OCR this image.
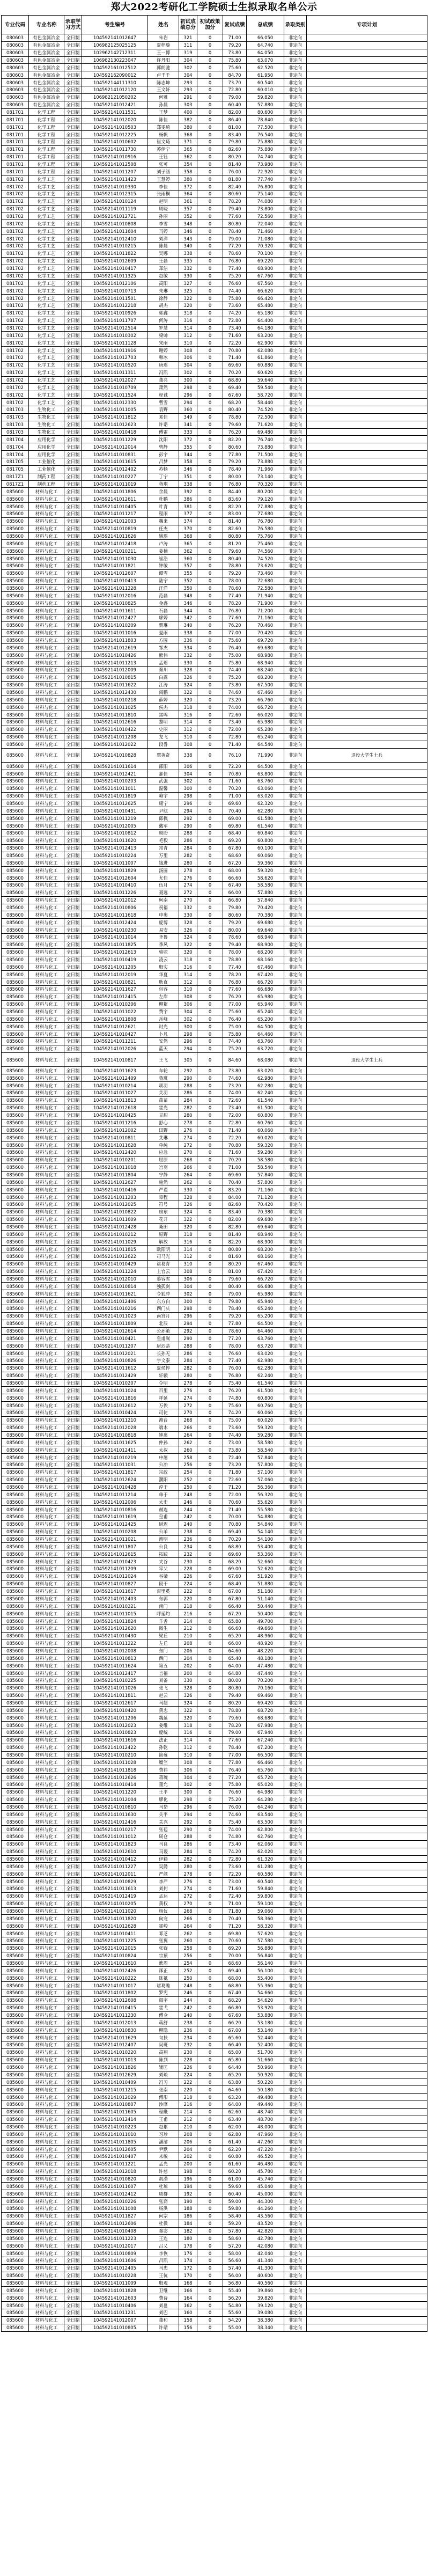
郑大2022考研化工学院硕士生拟录取名单公示
专业代码	专业名称	录取学习方式	考生编号	姓名	初试成绩总分	初试政策加分	复试成绩	总成绩	录取类别	专项计划
080603	有色金属冶金	全日制	104592141012647	朱岩	321	0	71.00	66.050	非定向	
080603	有色金属冶金	全日制	106982125025125	夏梓璇	311	0	79.20	64.740	非定向	
080603	有色金属冶金	全日制	102962142712311	王一博	319	0	73.80	64.050	非定向	
080603	有色金属冶金	全日制	106982130223047	许丹阳	304	0	75.80	63.070	非定向	
080603	有色金属冶金	全日制	104592161012512	郭朗驰	302	0	75.60	62.520	非定向	
080603	有色金属冶金	全日制	104592162090012	卢千千	304	0	84.70	61.950	非定向	
080603	有色金属冶金	全日制	104592144111310	陈志坤	293	0	73.70	60.540	非定向	
080603	有色金属冶金	全日制	104592141012120	王文轩	293	0	72.80	60.010	非定向	
080603	有色金属冶金	全日制	106982121050202	何雅	291	0	79.00	59.820	非定向	
080603	有色金属冶金	全日制	104592141012421	孙晨	303	0	60.40	57.880	非定向	
081701	化学工程	全日制	104592141011531	王梦	400	0	82.00	80.600	非定向	
081701	化学工程	全日制	104592141012020	陈佳	382	0	86.40	78.840	非定向	
081701	化学工程	全日制	104592141010503	郑雯琦	380	0	81.00	77.500	非定向	
081701	化学工程	全日制	104592141012225	杨帆	368	0	83.40	76.540	非定向	
081701	化学工程	全日制	104592141010602	崔文琦	371	0	79.80	75.880	非定向	
081701	化学工程	全日制	104592141011730	苏伊宁	365	0	82.60	75.880	非定向	
081701	化学工程	全日制	104592141010916	王钰	362	0	80.20	74.740	非定向	
081701	化学工程	全日制	104592141012508	张可	354	0	81.40	73.980	非定向	
081701	化学工程	全日制	104592141011207	刘子涵	358	0	76.00	72.920	非定向	
081702	化学工艺	全日制	104592141011423	王慧婷	380	0	81.80	77.740	非定向	
081702	化学工艺	全日制	104592141010330	李佳	372	0	82.40	76.800	非定向	
081702	化学工艺	全日制	104592141012315	张雨桐	364	0	80.60	75.140	非定向	
081702	化学工艺	全日制	104592141010124	赵明	361	0	78.20	74.080	非定向	
081702	化学工艺	全日制	104592141011119	周晓	357	0	79.40	73.800	非定向	
081702	化学工艺	全日制	104592141012721	孙丽	352	0	77.60	72.560	非定向	
081702	化学工艺	全日制	104592141010808	李雪	348	0	80.80	72.040	非定向	
081702	化学工艺	全日制	104592141011604	马婷	346	0	78.40	71.460	非定向	
081702	化学工艺	全日制	104592141012410	刘洋	343	0	79.00	71.080	非定向	
081702	化学工艺	全日制	104592141010215	陈晨	340	0	77.20	70.320	非定向	
081702	化学工艺	全日制	104592141011822	吴娜	338	0	78.60	70.100	非定向	
081702	化学工艺	全日制	104592141012609	王磊	335	0	76.80	69.220	非定向	
081702	化学工艺	全日制	104592141010417	郑洁	332	0	77.40	68.900	非定向	
081702	化学工艺	全日制	104592141011325	赵敏	330	0	75.20	67.760	非定向	
081702	化学工艺	全日制	104592141012106	高阳	327	0	76.60	67.560	非定向	
081702	化学工艺	全日制	104592141010713	朱琳	325	0	74.40	66.620	非定向	
081702	化学工艺	全日制	104592141011501	徐静	322	0	75.80	66.420	非定向	
081702	化学工艺	全日制	104592141012218	胡杰	320	0	73.60	65.480	非定向	
081702	化学工艺	全日制	104592141010926	郭鑫	318	0	74.20	65.180	非定向	
081702	化学工艺	全日制	104592141011707	何涛	316	0	72.80	64.400	非定向	
081702	化学工艺	全日制	104592141012514	罗慧	314	0	73.40	64.180	非定向	
081702	化学工艺	全日制	104592141010302	梁帅	312	0	71.60	63.200	非定向	
081702	化学工艺	全日制	104592141011128	宋雨	310	0	72.20	62.900	非定向	
081702	化学工艺	全日制	104592141011916	谢婷	308	0	70.80	62.080	非定向	
081702	化学工艺	全日制	104592141012703	韩冰	306	0	71.40	61.860	非定向	
081702	化学工艺	全日制	104592141010520	唐瑶	304	0	69.60	60.880	非定向	
081702	化学工艺	全日制	104592141011311	冯凯	302	0	70.20	60.620	非定向	
081702	化学工艺	全日制	104592141012027	董亮	300	0	68.80	59.640	非定向	
081702	化学工艺	全日制	104592141010709	萧然	298	0	69.40	59.540	非定向	
081702	化学工艺	全日制	104592141011524	程诚	296	0	67.60	58.720	非定向	
081702	化学工艺	全日制	104592141012330	曹雪	294	0	68.20	58.440	非定向	
081703	生物化工	全日制	104592141011005	袁野	360	0	80.40	74.520	非定向	
081703	生物化工	全日制	104592141011812	邓佳	349	0	78.80	72.500	非定向	
081703	生物化工	全日制	104592141012623	许诺	341	0	79.60	71.620	非定向	
081703	生物化工	全日制	104592141010418	傅雷	333	0	76.20	69.480	非定向	
081704	应用化学	全日制	104592141011229	沈阳	372	0	82.20	76.740	非定向	
081704	应用化学	全日制	104592141012014	曾静	355	0	80.60	73.880	非定向	
081704	应用化学	全日制	104592141010831	彭宇	344	0	77.80	71.500	非定向	
081705	工业催化	全日制	104592141011615	吕梦	358	0	79.20	73.880	非定向	
081705	工业催化	全日制	104592141012402	苏畅	346	0	78.40	71.960	非定向	
0817Z1	制药工程	全日制	104592141010227	丁宁	351	0	80.00	73.140	非定向	
0817Z1	制药工程	全日制	104592141011019	蒋琪	338	0	76.80	70.320	非定向	
085600	材料与化工	全日制	104592141011806	余晨	392	0	84.40	80.200	非定向	
085600	材料与化工	全日制	104592141012611	杜鹏	386	0	83.60	79.120	非定向	
085600	材料与化工	全日制	104592141010405	叶青	381	0	82.20	77.880	非定向	
085600	材料与化工	全日制	104592141011217	程雨	377	0	83.00	77.680	非定向	
085600	材料与化工	全日制	104592141012003	魏来	374	0	81.40	76.780	非定向	
085600	材料与化工	全日制	104592141010819	任杰	370	0	82.60	76.580	非定向	
085600	材料与化工	全日制	104592141011626	姚瑶	368	0	80.80	75.760	非定向	
085600	材料与化工	全日制	104592141012418	卢涛	365	0	81.20	75.460	非定向	
085600	材料与化工	全日制	104592141010211	姜楠	362	0	79.60	74.560	非定向	
085600	材料与化工	全日制	104592141011030	崔浩	360	0	80.40	74.520	非定向	
085600	材料与化工	全日制	104592141011821	钟敏	357	0	78.80	73.620	非定向	
085600	材料与化工	全日制	104592141012607	谭雪	355	0	79.20	73.460	非定向	
085600	材料与化工	全日制	104592141010413	陆宁	352	0	78.00	72.680	非定向	
085600	材料与化工	全日制	104592141011228	汪洋	350	0	78.60	72.580	非定向	
085600	材料与化工	全日制	104592141012016	范磊	348	0	77.40	71.940	非定向	
085600	材料与化工	全日制	104592141010825	金鑫	346	0	78.20	71.900	非定向	
085600	材料与化工	全日制	104592141011611	石磊	344	0	76.80	71.200	非定向	
085600	材料与化工	全日制	104592141012427	廖婷	342	0	77.60	71.160	非定向	
085600	材料与化工	全日制	104592141010209	贾琳	340	0	76.20	70.460	非定向	
085600	材料与化工	全日制	104592141011016	夏雨	338	0	77.00	70.420	非定向	
085600	材料与化工	全日制	104592141011803	方圆	336	0	75.60	69.720	非定向	
085600	材料与化工	全日制	104592141012619	邹杰	334	0	76.40	69.680	非定向	
085600	材料与化工	全日制	104592141010426	熊伟	332	0	75.00	68.980	非定向	
085600	材料与化工	全日制	104592141011213	孟瑶	330	0	75.80	68.940	非定向	
085600	材料与化工	全日制	104592141012009	秦川	328	0	74.40	68.240	非定向	
085600	材料与化工	全日制	104592141010815	白露	326	0	75.20	68.200	非定向	
085600	材料与化工	全日制	104592141011622	江涛	324	0	73.80	67.500	非定向	
085600	材料与化工	全日制	104592141012430	阎鹏	322	0	74.60	67.460	非定向	
085600	材料与化工	全日制	104592141010218	薛婷	320	0	73.20	66.760	非定向	
085600	材料与化工	全日制	104592141011025	侯杰	318	0	74.00	66.720	非定向	
085600	材料与化工	全日制	104592141011810	雷鸣	316	0	72.60	66.020	非定向	
085600	材料与化工	全日制	104592141012616	黎明	314	0	73.40	65.980	非定向	
085600	材料与化工	全日制	104592141010422	史丽	312	0	72.00	65.280	非定向	
085600	材料与化工	全日制	104592141011208	龙飞	310	0	72.80	65.240	非定向	
085600	材料与化工	全日制	104592141012022	段誉	308	0	71.40	64.540	非定向	
085600	材料与化工	全日制	104592141010828	覃英奇	338	0	76.10	71.990	非定向	退役大学生士兵
085600	材料与化工	全日制	104592141011614	邵阳	306	0	72.20	64.500	非定向	
085600	材料与化工	全日制	104592141012421	郝佳	304	0	70.80	63.800	非定向	
085600	材料与化工	全日制	104592141010203	武强	302	0	71.60	63.760	非定向	
085600	材料与化工	全日制	104592141011011	温馨	300	0	70.20	63.060	非定向	
085600	材料与化工	全日制	104592141011819	赖宇	298	0	71.00	63.020	非定向	
085600	材料与化工	全日制	104592141012625	康宁	296	0	69.60	62.320	非定向	
085600	材料与化工	全日制	104592141010431	尹航	294	0	70.40	62.280	非定向	
085600	材料与化工	全日制	104592141011219	邱枫	292	0	69.00	61.580	非定向	
085600	材料与化工	全日制	104592141012005	戴军	290	0	69.80	61.540	非定向	
085600	材料与化工	全日制	104592141010812	顾盼	288	0	68.40	60.840	非定向	
085600	材料与化工	全日制	104592141011620	毛毅	286	0	69.20	60.800	非定向	
085600	材料与化工	全日制	104592141012413	常青	284	0	67.80	60.100	非定向	
085600	材料与化工	全日制	104592141010224	万里	282	0	68.60	60.060	非定向	
085600	材料与化工	全日制	104592141011007	钱进	280	0	67.20	59.360	非定向	
085600	材料与化工	全日制	104592141011829	汤圆	278	0	68.00	59.320	非定向	
085600	材料与化工	全日制	104592141012604	尤佳	276	0	66.60	58.620	非定向	
085600	材料与化工	全日制	104592141010410	伍月	274	0	67.40	58.580	非定向	
085600	材料与化工	全日制	104592141011226	聂远	272	0	66.00	57.880	非定向	
085600	材料与化工	全日制	104592141012012	柯南	270	0	66.80	57.840	非定向	
085600	材料与化工	全日制	104592141010806	祝福	332	0	79.80	70.420	非定向	
085600	材料与化工	全日制	104592141011618	申奥	330	0	80.60	70.380	非定向	
085600	材料与化工	全日制	104592141012424	庞博	328	0	79.20	69.680	非定向	
085600	材料与化工	全日制	104592141010230	易安	326	0	80.00	69.640	非定向	
085600	材料与化工	全日制	104592141011014	齐鲁	324	0	78.60	68.940	非定向	
085600	材料与化工	全日制	104592141011825	季风	322	0	79.40	68.900	非定向	
085600	材料与化工	全日制	104592141012613	骆驼	320	0	78.00	68.200	非定向	
085600	材料与化工	全日制	104592141010419	凌云	318	0	78.80	68.160	非定向	
085600	材料与化工	全日制	104592141011205	殷实	316	0	77.40	67.460	非定向	
085600	材料与化工	全日制	104592141012019	华夏	314	0	78.20	67.420	非定向	
085600	材料与化工	全日制	104592141010821	耿直	312	0	76.80	66.720	非定向	
085600	材料与化工	全日制	104592141011627	包容	310	0	77.60	66.680	非定向	
085600	材料与化工	全日制	104592141012415	左岸	308	0	76.20	65.980	非定向	
085600	材料与化工	全日制	104592141010206	柳絮	306	0	77.00	65.940	非定向	
085600	材料与化工	全日制	104592141011022	费宇	304	0	75.60	65.240	非定向	
085600	材料与化工	全日制	104592141011808	岳峰	302	0	76.40	65.200	非定向	
085600	材料与化工	全日制	104592141012621	时光	300	0	75.00	64.500	非定向	
085600	材料与化工	全日制	104592141010427	卜凡	298	0	75.80	64.460	非定向	
085600	材料与化工	全日制	104592141011211	安然	296	0	74.40	63.760	非定向	
085600	材料与化工	全日制	104592141012026	蓝天	294	0	75.20	63.720	非定向	
085600	材料与化工	全日制	104592141010817	王飞	305	0	84.60	68.080	非定向	退役大学生士兵
085600	材料与化工	全日制	104592141011623	车轮	292	0	73.80	63.020	非定向	
085600	材料与化工	全日制	104592141012409	鲁班	290	0	74.60	62.980	非定向	
085600	材料与化工	全日制	104592141010214	项羽	288	0	73.20	62.280	非定向	
085600	材料与化工	全日制	104592141011027	关羽	286	0	74.00	62.240	非定向	
085600	材料与化工	全日制	104592141011813	苗苗	284	0	72.60	61.540	非定向	
085600	材料与化工	全日制	104592141012618	霍光	282	0	73.40	61.500	非定向	
085600	材料与化工	全日制	104592141010425	甘甜	280	0	72.00	60.800	非定向	
085600	材料与化工	全日制	104592141011216	舒心	278	0	72.80	60.760	非定向	
085600	材料与化工	全日制	104592141012002	田野	276	0	71.40	60.060	非定向	
085600	材料与化工	全日制	104592141010811	艾琳	274	0	72.20	60.020	非定向	
085600	材料与化工	全日制	104592141011628	单纯	272	0	70.80	59.320	非定向	
085600	材料与化工	全日制	104592141012420	应急	270	0	71.60	59.280	非定向	
085600	材料与化工	全日制	104592141010201	屈原	268	0	70.20	58.580	非定向	
085600	材料与化工	全日制	104592141011018	宫羽	266	0	71.00	58.540	非定向	
085600	材料与化工	全日制	104592141011804	宁静	264	0	69.60	57.840	非定向	
085600	材料与化工	全日制	104592141012627	施然	262	0	70.40	57.800	非定向	
085600	材料与化工	全日制	104592141010416	严谨	330	0	83.20	71.160	非定向	
085600	材料与化工	全日制	104592141011203	章程	328	0	84.00	71.120	非定向	
085600	材料与化工	全日制	104592141012025	符号	326	0	82.60	70.420	非定向	
085600	材料与化工	全日制	104592141010822	房东	324	0	83.40	70.380	非定向	
085600	材料与化工	全日制	104592141011609	花开	322	0	82.00	69.680	非定向	
085600	材料与化工	全日制	104592141012428	桑田	320	0	82.80	69.640	非定向	
085600	材料与化工	全日制	104592141010212	原野	318	0	81.40	68.940	非定向	
085600	材料与化工	全日制	104592141011029	解放	316	0	82.20	68.900	非定向	
085600	材料与化工	全日制	104592141011815	欧阳明	314	0	80.80	68.200	非定向	
085600	材料与化工	全日制	104592141012622	司马光	312	0	81.60	68.160	非定向	
085600	材料与化工	全日制	104592141010429	诸葛青	310	0	80.20	67.460	非定向	
085600	材料与化工	全日制	104592141011224	上官云	308	0	81.00	67.420	非定向	
085600	材料与化工	全日制	104592141012010	慕容雪	306	0	79.60	66.720	非定向	
085600	材料与化工	全日制	104592141010814	独孤剑	304	0	80.40	66.680	非定向	
085600	材料与化工	全日制	104592141011621	令狐冲	302	0	79.00	65.980	非定向	
085600	材料与化工	全日制	104592141012406	东方白	300	0	79.80	65.940	非定向	
085600	材料与化工	全日制	104592141010216	西门庆	298	0	78.40	65.240	非定向	
085600	材料与化工	全日制	104592141011023	南宫月	296	0	79.20	65.200	非定向	
085600	材料与化工	全日制	104592141011809	北辰	294	0	77.80	64.500	非定向	
085600	材料与化工	全日制	104592141012614	公孙策	292	0	78.60	64.460	非定向	
085600	材料与化工	全日制	104592141010421	皇甫嵩	290	0	77.20	63.760	非定向	
085600	材料与化工	全日制	104592141011207	尉迟恭	288	0	78.00	63.720	非定向	
085600	材料与化工	全日制	104592141012021	长孙无	286	0	76.60	63.020	非定向	
085600	材料与化工	全日制	104592141010826	宇文泰	284	0	77.40	62.980	非定向	
085600	材料与化工	全日制	104592141011612	夏侯惇	282	0	76.00	62.280	非定向	
085600	材料与化工	全日制	104592141012429	轩辕	280	0	76.80	62.240	非定向	
085600	材料与化工	全日制	104592141010207	令明	278	0	75.40	61.540	非定向	
085600	材料与化工	全日制	104592141011024	百里	276	0	76.20	61.500	非定向	
085600	材料与化工	全日制	104592141011816	呼延	274	0	74.80	60.800	非定向	
085600	材料与化工	全日制	104592141012612	万俟	272	0	75.60	60.760	非定向	
085600	材料与化工	全日制	104592141010424	司徒	270	0	74.20	60.060	非定向	
085600	材料与化工	全日制	104592141011210	澹台	268	0	75.00	60.020	非定向	
085600	材料与化工	全日制	104592141012028	端木	266	0	73.60	59.320	非定向	
085600	材料与化工	全日制	104592141010818	钟离	264	0	74.40	59.280	非定向	
085600	材料与化工	全日制	104592141011625	仲孙	262	0	73.00	58.580	非定向	
085600	材料与化工	全日制	104592141012411	太叔	260	0	73.80	58.540	非定向	
085600	材料与化工	全日制	104592141010219	申屠	258	0	72.40	57.840	非定向	
085600	材料与化工	全日制	104592141011031	公冶	256	0	73.20	57.800	非定向	
085600	材料与化工	全日制	104592141011817	宗政	254	0	71.80	57.100	非定向	
085600	材料与化工	全日制	104592141012624	濮阳	252	0	72.60	57.060	非定向	
085600	材料与化工	全日制	104592141010428	淳于	250	0	71.20	56.360	非定向	
085600	材料与化工	全日制	104592141011214	单于	248	0	72.00	56.320	非定向	
085600	材料与化工	全日制	104592141012006	太史	246	0	70.60	55.620	非定向	
085600	材料与化工	全日制	104592141010816	赫连	244	0	71.40	55.580	非定向	
085600	材料与化工	全日制	104592141011619	皇甫	242	0	70.00	54.880	非定向	
085600	材料与化工	全日制	104592141012425	尉迟	240	0	70.80	54.840	非定向	
085600	材料与化工	全日制	104592141010208	公羊	238	0	69.40	54.140	非定向	
085600	材料与化工	全日制	104592141011021	澹明	236	0	70.20	54.100	非定向	
085600	材料与化工	全日制	104592141011807	公良	234	0	68.80	53.400	非定向	
085600	材料与化工	全日制	104592141012615	拓跋	232	0	69.60	53.360	非定向	
085600	材料与化工	全日制	104592141010423	夹谷	230	0	68.20	52.660	非定向	
085600	材料与化工	全日制	104592141011209	宰父	228	0	69.00	52.620	非定向	
085600	材料与化工	全日制	104592141012024	谷梁	226	0	67.60	51.920	非定向	
085600	材料与化工	全日制	104592141010827	段干	224	0	68.40	51.880	非定向	
085600	材料与化工	全日制	104592141011617	百里奚	222	0	67.00	51.180	非定向	
085600	材料与化工	全日制	104592141012403	东郭	220	0	67.80	51.140	非定向	
085600	材料与化工	全日制	104592141010221	南门	218	0	66.40	50.440	非定向	
085600	材料与化工	全日制	104592141011015	呼延灼	216	0	67.20	50.400	非定向	
085600	材料与化工	全日制	104592141011824	羊舌	214	0	65.80	49.700	非定向	
085600	材料与化工	全日制	104592141012620	微生	212	0	66.60	49.660	非定向	
085600	材料与化工	全日制	104592141010430	梁丘	210	0	65.20	48.960	非定向	
085600	材料与化工	全日制	104592141011222	左丘	208	0	66.00	48.920	非定向	
085600	材料与化工	全日制	104592141012008	东门	206	0	64.60	48.220	非定向	
085600	材料与化工	全日制	104592141010813	西门	204	0	65.40	48.180	非定向	
085600	材料与化工	全日制	104592141011624	第五	202	0	64.00	47.480	非定向	
085600	材料与化工	全日制	104592141012417	言福	200	0	64.80	47.440	非定向	
085600	材料与化工	全日制	104592141010225	刘备	330	0	80.00	70.200	非定向	
085600	材料与化工	全日制	104592141011026	张飞	328	0	80.80	70.160	非定向	
085600	材料与化工	全日制	104592141011811	赵云	326	0	79.40	69.460	非定向	
085600	材料与化工	全日制	104592141012617	马超	324	0	80.20	69.420	非定向	
085600	材料与化工	全日制	104592141010420	黄忠	322	0	78.80	68.720	非定向	
085600	材料与化工	全日制	104592141011206	魏延	320	0	79.60	68.680	非定向	
085600	材料与化工	全日制	104592141012023	姜维	318	0	78.20	67.980	非定向	
085600	材料与化工	全日制	104592141010823	庞统	316	0	79.00	67.940	非定向	
085600	材料与化工	全日制	104592141011616	法正	314	0	77.60	67.240	非定向	
085600	材料与化工	全日制	104592141012422	孙乾	312	0	78.40	67.200	非定向	
085600	材料与化工	全日制	104592141010210	简雍	310	0	77.00	66.500	非定向	
085600	材料与化工	全日制	104592141011028	糜竺	308	0	77.80	66.460	非定向	
085600	材料与化工	全日制	104592141011818	费祎	306	0	76.40	65.760	非定向	
085600	材料与化工	全日制	104592141012626	蒋琬	304	0	77.20	65.720	非定向	
085600	材料与化工	全日制	104592141010414	董允	302	0	75.80	65.020	非定向	
085600	材料与化工	全日制	104592141011220	王平	300	0	76.60	64.980	非定向	
085600	材料与化工	全日制	104592141012004	廖化	298	0	75.20	64.280	非定向	
085600	材料与化工	全日制	104592141010810	马岱	296	0	76.00	64.240	非定向	
085600	材料与化工	全日制	104592141011630	关平	294	0	74.60	63.540	非定向	
085600	材料与化工	全日制	104592141012416	关兴	292	0	75.40	63.500	非定向	
085600	材料与化工	全日制	104592141010217	张苞	290	0	74.00	62.800	非定向	
085600	材料与化工	全日制	104592141011012	周仓	288	0	74.80	62.760	非定向	
085600	材料与化工	全日制	104592141011823	马良	286	0	73.40	62.060	非定向	
085600	材料与化工	全日制	104592141012610	马谡	284	0	74.20	62.020	非定向	
085600	材料与化工	全日制	104592141010412	伊籍	282	0	72.80	61.320	非定向	
085600	材料与化工	全日制	104592141011227	吴懿	280	0	73.60	61.280	非定向	
085600	材料与化工	全日制	104592141012011	严颜	278	0	72.20	60.580	非定向	
085600	材料与化工	全日制	104592141010829	李严	276	0	73.00	60.540	非定向	
085600	材料与化工	全日制	104592141011613	刘封	274	0	71.60	59.840	非定向	
085600	材料与化工	全日制	104592141012419	孟达	272	0	72.40	59.800	非定向	
085600	材料与化工	全日制	104592141010205	黄权	270	0	71.00	59.100	非定向	
085600	材料与化工	全日制	104592141011020	杨仪	268	0	71.80	59.060	非定向	
085600	材料与化工	全日制	104592141011820	向宠	266	0	70.40	58.360	非定向	
085600	材料与化工	全日制	104592141012628	霍峻	264	0	71.20	58.320	非定向	
085600	材料与化工	全日制	104592141010411	邓芝	262	0	69.80	57.620	非定向	
085600	材料与化工	全日制	104592141011225	张翼	260	0	70.60	57.580	非定向	
085600	材料与化工	全日制	104592141012015	张嶷	258	0	69.20	56.880	非定向	
085600	材料与化工	全日制	104592141010824	宗预	256	0	70.00	56.840	非定向	
085600	材料与化工	全日制	104592141011610	谯周	254	0	68.60	56.140	非定向	
085600	材料与化工	全日制	104592141012426	郤正	252	0	69.40	56.100	非定向	
085600	材料与化工	全日制	104592141010222	陈祗	250	0	68.00	55.400	非定向	
085600	材料与化工	全日制	104592141011017	诸葛瞻	248	0	68.80	55.360	非定向	
085600	材料与化工	全日制	104592141011802	罗宪	246	0	67.40	54.660	非定向	
085600	材料与化工	全日制	104592141012608	阎宇	244	0	68.20	54.620	非定向	
085600	材料与化工	全日制	104592141010415	霍弋	242	0	66.80	53.920	非定向	
085600	材料与化工	全日制	104592141011230	傅佥	240	0	67.60	53.880	非定向	
085600	材料与化工	全日制	104592141012013	蒋舒	238	0	66.20	53.180	非定向	
085600	材料与化工	全日制	104592141010830	柳隐	236	0	67.00	53.140	非定向	
085600	材料与化工	全日制	104592141011629	句扶	234	0	65.60	52.440	非定向	
085600	材料与化工	全日制	104592141012407	吴班	232	0	66.40	52.400	非定向	
085600	材料与化工	全日制	104592141010220	高翔	230	0	65.00	51.700	非定向	
085600	材料与化工	全日制	104592141011013	陈到	228	0	65.80	51.660	非定向	
085600	材料与化工	全日制	104592141011826	辅匡	226	0	64.40	50.960	非定向	
085600	材料与化工	全日制	104592141012629	刘琰	224	0	65.20	50.920	非定向	
085600	材料与化工	全日制	104592141010409	冯习	222	0	63.80	50.220	非定向	
085600	材料与化工	全日制	104592141011215	张南	220	0	64.60	50.180	非定向	
085600	材料与化工	全日制	104592141012029	傅彤	218	0	63.20	49.480	非定向	
085600	材料与化工	全日制	104592141010807	沙摩	216	0	64.00	49.440	非定向	
085600	材料与化工	全日制	104592141011605	程畿	214	0	62.60	48.740	非定向	
085600	材料与化工	全日制	104592141012414	王甫	212	0	63.40	48.700	非定向	
085600	材料与化工	全日制	104592141010223	赵累	210	0	62.00	48.000	非定向	
085600	材料与化工	全日制	104592141011010	习珍	208	0	62.80	47.960	非定向	
085600	材料与化工	全日制	104592141011805	潘濬	206	0	61.40	47.260	非定向	
085600	材料与化工	全日制	104592141012605	尹默	204	0	62.20	47.220	非定向	
085600	材料与化工	全日制	104592141010407	来敏	202	0	60.80	46.520	非定向	
085600	材料与化工	全日制	104592141011221	孟光	200	0	61.60	46.480	非定向	
085600	材料与化工	全日制	104592141012018	许慈	198	0	60.20	45.780	非定向	
085600	材料与化工	全日制	104592141010820	胡潜	196	0	61.00	45.740	非定向	
085600	材料与化工	全日制	104592141011607	杜琼	194	0	59.60	45.040	非定向	
085600	材料与化工	全日制	104592141012412	周群	192	0	60.40	45.000	非定向	
085600	材料与化工	全日制	104592141010226	张裔	190	0	59.00	44.300	非定向	
085600	材料与化工	全日制	104592141011008	杨洪	188	0	59.80	44.260	非定向	
085600	材料与化工	全日制	104592141011827	何宗	186	0	58.40	43.560	非定向	
085600	材料与化工	全日制	104592141012606	杜微	184	0	59.20	43.520	非定向	
085600	材料与化工	全日制	104592141010408	秦宓	182	0	57.80	42.820	非定向	
085600	材料与化工	全日制	104592141011223	王连	180	0	58.60	42.780	非定向	
085600	材料与化工	全日制	104592141012017	吕乂	178	0	57.20	42.080	非定向	
085600	材料与化工	全日制	104592141010809	李恢	176	0	58.00	42.040	非定向	
085600	材料与化工	全日制	104592141011606	吕凯	174	0	56.60	41.340	非定向	
085600	材料与化工	全日制	104592141012405	马忠	172	0	57.40	41.300	非定向	
085600	材料与化工	全日制	104592141010228	王伉	170	0	56.00	40.600	非定向	
085600	材料与化工	全日制	104592141011009	殷观	168	0	56.80	40.560	非定向	
085600	材料与化工	全日制	104592141011828	卫继	166	0	55.40	39.860	非定向	
085600	材料与化工	全日制	104592141012603	费诗	164	0	56.20	39.820	非定向	
085600	材料与化工	全日制	104592141010406	刘邕	162	0	54.80	39.120	非定向	
085600	材料与化工	全日制	104592141011231	刘巴	160	0	55.60	39.080	非定向	
085600	材料与化工	全日制	104592141012007	董和	158	0	54.20	38.380	非定向	
085600	材料与化工	全日制	104592141010805	许靖	156	0	55.00	38.340	非定向	
